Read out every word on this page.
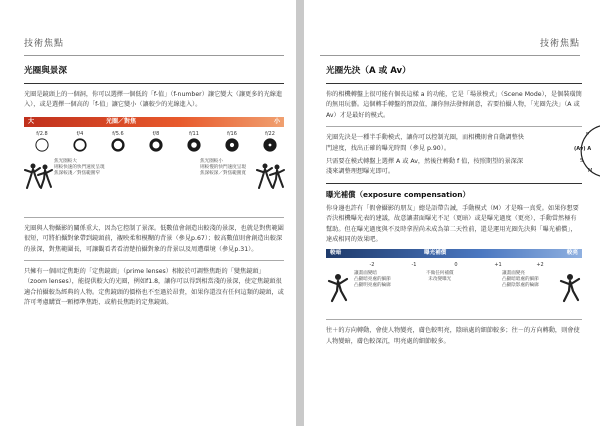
技術焦點
光圈與景深

光圈是鏡頭上的一個洞，你可以選擇一個低的「f-值」（f-number）讓它變大（讓更多的光線進入），或是選擇一個高的「f-值」讓它變小（讓較少的光線進入）。

大	光圈／對焦	小
f/2.8	f/4	f/5.6	f/8	f/11	f/16	f/22
焦光圈較大
則較快速的快門速度呈現
焦深較淺／對焦範圍窄
焦光圈較小
則較慢的快門速度呈現
焦深較深／對焦範圍寬

光圈與人物攝影的關係重大，因為它控制了景深。低數值會創造出較淺的景深，也就是對焦範圍很短，可將拍攝對象帶到鏡頭前，襯映柔和模糊的背景（參見p.67）；較高數值則會創造出較深的景深，對焦範圍長，可讓觀看者看清楚拍攝對象的背景以及周遭環境（參見p.31）。

只擁有一個固定焦距的「定焦鏡頭」（prime lenses）相較於可調整焦距的「變焦鏡頭」（zoom lenses），能提供較大的光圈，例如f1.8，讓你可以得到相當淺的景深，使定焦鏡頭很適合拍攝較為經典的人物。定焦鏡頭的價格也不至過於昂貴，如果你還沒有任何這類的鏡頭，或許可考慮購買一顆標準焦距、或稍長焦距的定焦鏡頭。

技術焦點
光圈先決（A 或 Av）

你的相機轉盤上很可能有個長這樣 a 的功能，它是「場景模式」（Scene Mode），是個裝璜簡的無用玩藝。這個轉手轉盤的預設值，讓你無法發揮創意，若要拍攝人物，「光圈先決」（A 或 Av）才是最好的模式。

光圈先決是一種半手動模式，讓你可以控制光圈，而相機則會自動調整快門速度，找出正確的曝光時間（參見 p.90）。

只需要在模式轉盤上選擇 A 或 Av，然後往轉動 f 值，按照期望的景深深淺來調整理想曝光即可。

曝光補償（exposure compensation）

你身邊也許有「假會攝影的朋友」總是語帶告誡，手動模式（M）才是唯一真愛。如果你想要否決相機曝光表的建議，故意讓畫面曝光不足（更暗）或是曝光過度（更亮），手動當然極有幫助。但在曝光過度與不及時拿捏尚未成為第二天性前，還是運用光圈先決與「曝光補償」，達成相同的效果吧。

較暗	曝光補償	較亮
-2	-1	0	+1	+2
讓畫面變暗
凸顯暗亮處的細節
凸顯明亮處的輪廓
不做任何補償
未改變曝光
讓畫面變亮
凸顯暗暗處的細節
凸顯陰影處的輪廓

往＋的方向轉動，會使人物變亮，膚色較明亮，陰暗處的細節較多；往－的方向轉動，則會使人物變暗，膚色較深沉，明亮處的細節較多。

P
(Av) A
S
M
